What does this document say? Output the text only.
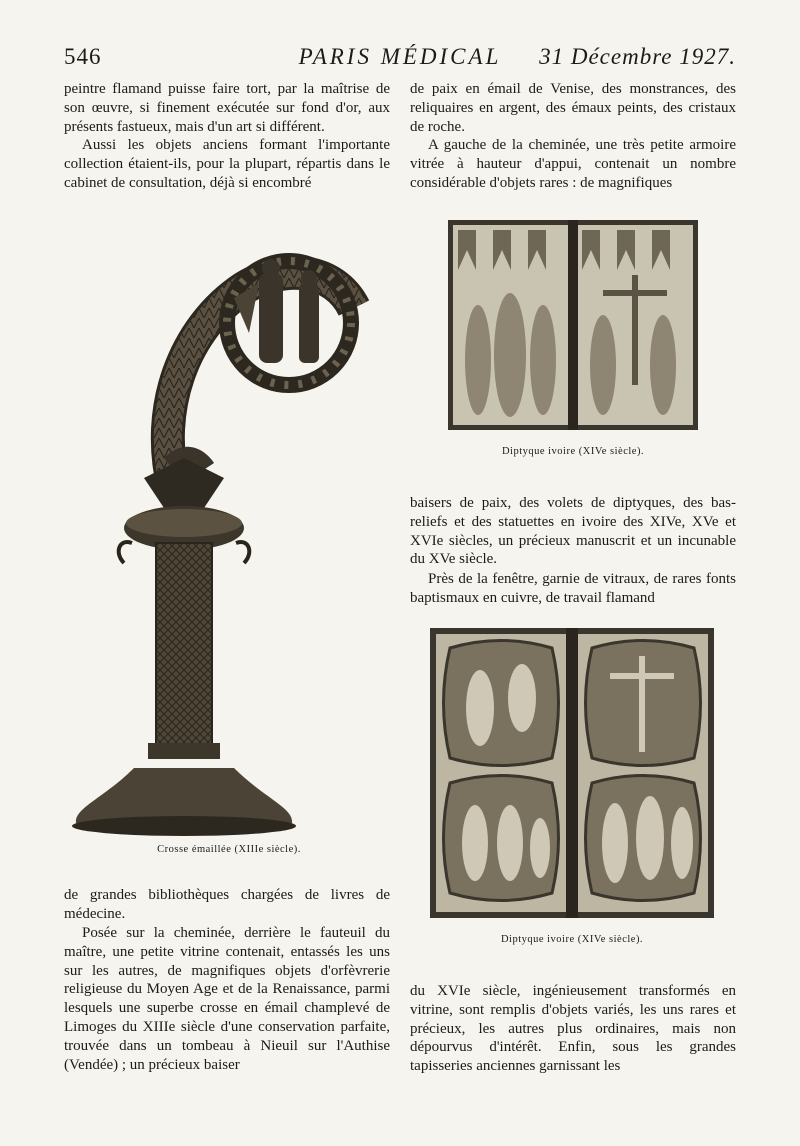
546	PARIS MÉDICAL	31 Décembre 1927.

peintre flamand puisse faire tort, par la maîtrise de son œuvre, si finement exécutée sur fond d'or, aux présents fastueux, mais d'un art si différent.

Aussi les objets anciens formant l'importante collection étaient-ils, pour la plupart, répartis dans le cabinet de consultation, déjà si encombré

Crosse émaillée (XIIIe siècle).

de grandes bibliothèques chargées de livres de médecine.

Posée sur la cheminée, derrière le fauteuil du maître, une petite vitrine contenait, entassés les uns sur les autres, de magnifiques objets d'orfèvrerie religieuse du Moyen Age et de la Renaissance, parmi lesquels une superbe crosse en émail champlevé de Limoges du XIIIe siècle d'une conservation parfaite, trouvée dans un tombeau à Nieuil sur l'Authise (Vendée) ; un précieux baiser

de paix en émail de Venise, des monstrances, des reliquaires en argent, des émaux peints, des cristaux de roche.

A gauche de la cheminée, une très petite armoire vitrée à hauteur d'appui, contenait un nombre considérable d'objets rares : de magnifiques

Diptyque ivoire (XIVe siècle).

baisers de paix, des volets de diptyques, des bas-reliefs et des statuettes en ivoire des XIVe, XVe et XVIe siècles, un précieux manuscrit et un incunable du XVe siècle.

Près de la fenêtre, garnie de vitraux, de rares fonts baptismaux en cuivre, de travail flamand

Diptyque ivoire (XIVe siècle).

du XVIe siècle, ingénieusement transformés en vitrine, sont remplis d'objets variés, les uns rares et précieux, les autres plus ordinaires, mais non dépourvus d'intérêt. Enfin, sous les grandes tapisseries anciennes garnissant les
